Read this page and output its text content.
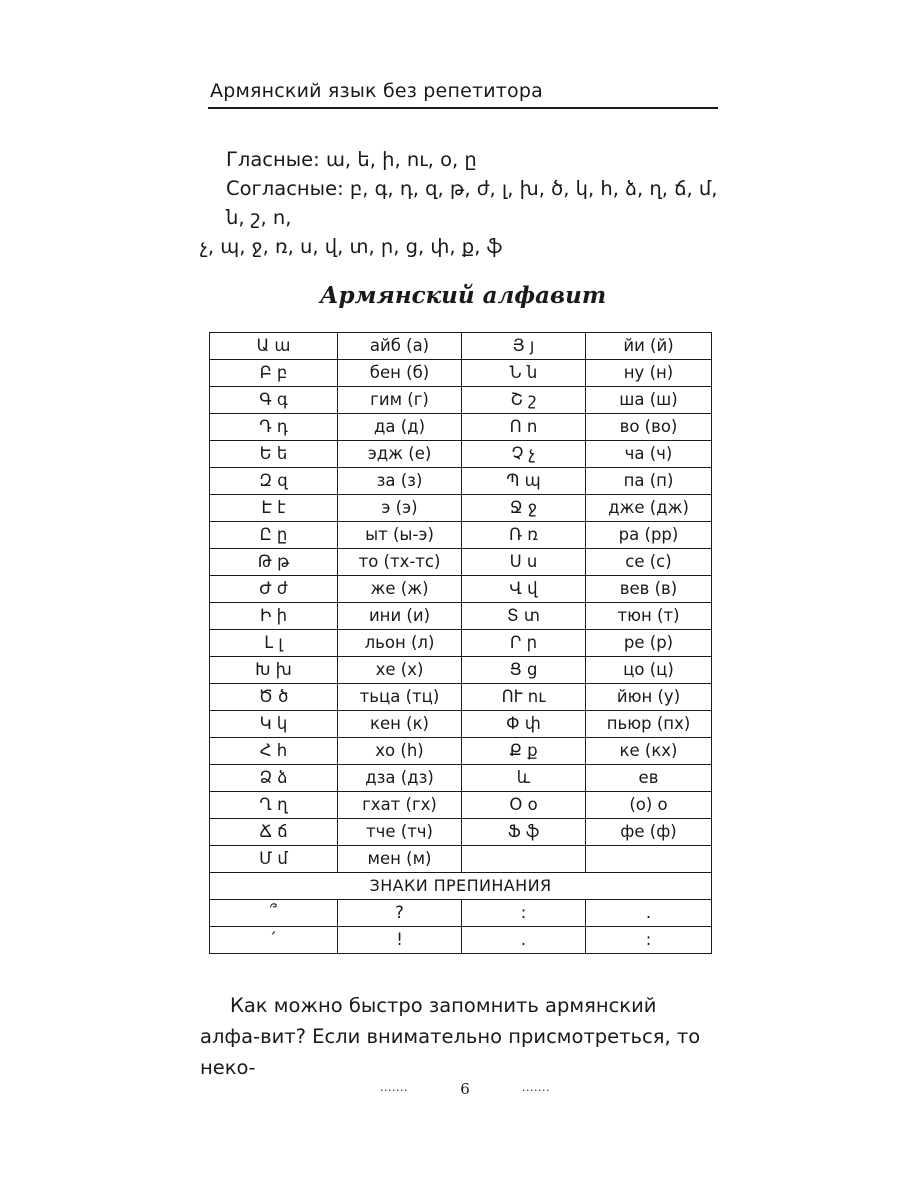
Армянский язык без репетитора

Гласные: ա, ե, ի, ու, օ, ը

Согласные: բ, գ, դ, զ, թ, ժ, լ, խ, ծ, կ, հ, ձ, ղ, ճ, մ, ն, շ, ո,

չ, պ, ջ, ռ, ս, վ, տ, ր, ց, փ, ք, ֆ

Армянский алфавит
Ա ա	айб (а)	Յ յ	йи (й)
Բ բ	бен (б)	Ն ն	ну (н)
Գ գ	гим (г)	Շ շ	ша (ш)
Դ դ	да (д)	Ո ո	во (во)
Ե ե	эдж (е)	Չ չ	ча (ч)
Զ զ	за (з)	Պ պ	па (п)
Է է	э (э)	Ջ ջ	дже (дж)
Ը ը	ыт (ы-э)	Ռ ռ	ра (рр)
Թ թ	то (тх-тс)	Ս ս	се (с)
Ժ ժ	же (ж)	Վ վ	вев (в)
Ի ի	ини (и)	Տ տ	тюн (т)
Լ լ	льон (л)	Ր ր	ре (р)
Խ խ	хе (х)	Ց ց	цо (ц)
Ծ ծ	тьца (тц)	ՈՒ ու	йюн (у)
Կ կ	кен (к)	Փ փ	пьюр (пх)
Հ հ	хо (h)	Ք ք	ке (кх)
Ձ ձ	дза (дз)	և	ев
Ղ ղ	гхат (гх)	Օ օ	(о) о
Ճ ճ	тче (тч)	Ֆ ֆ	фе (ф)
Մ մ	мен (м)		
ЗНАКИ ПРЕПИНАНИЯ			
՞	?	:	.
՛	!	.	:

Как можно быстро запомнить армянский алфа-вит? Если внимательно присмотреться, то неко-

·······	6	·······
